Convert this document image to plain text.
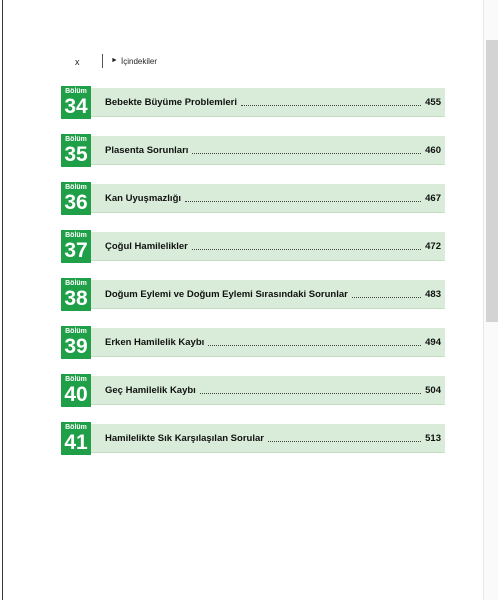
x	► İçindekiler
Bölüm
34	Bebekte Büyüme Problemleri	455
Bölüm
35	Plasenta Sorunları	460
Bölüm
36	Kan Uyuşmazlığı	467
Bölüm
37	Çoğul Hamilelikler	472
Bölüm
38	Doğum Eylemi ve Doğum Eylemi Sırasındaki Sorunlar	483
Bölüm
39	Erken Hamilelik Kaybı	494
Bölüm
40	Geç Hamilelik Kaybı	504
Bölüm
41	Hamilelikte Sık Karşılaşılan Sorular	513
